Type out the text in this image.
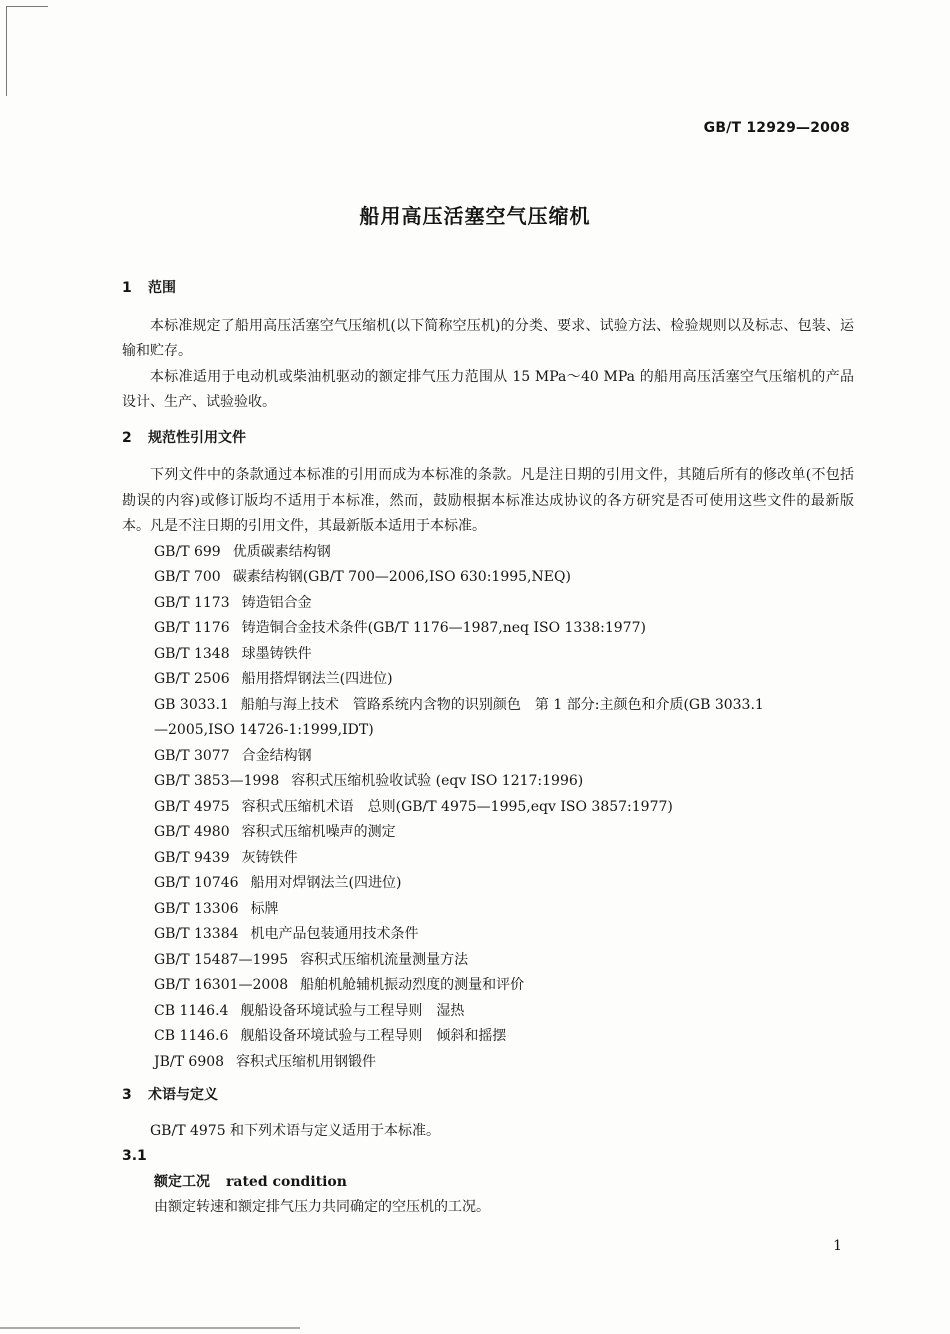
GB/T 12929—2008
船用高压活塞空气压缩机
1 范围

本标准规定了船用高压活塞空气压缩机(以下简称空压机)的分类、要求、试验方法、检验规则以及标志、包装、运输和贮存。

本标准适用于电动机或柴油机驱动的额定排气压力范围从 15 MPa～40 MPa 的船用高压活塞空气压缩机的产品设计、生产、试验验收。

2 规范性引用文件

下列文件中的条款通过本标准的引用而成为本标准的条款。凡是注日期的引用文件，其随后所有的修改单(不包括勘误的内容)或修订版均不适用于本标准，然而，鼓励根据本标准达成协议的各方研究是否可使用这些文件的最新版本。凡是不注日期的引用文件，其最新版本适用于本标准。

GB/T 699 优质碳素结构钢
GB/T 700 碳素结构钢(GB/T 700—2006,ISO 630:1995,NEQ)
GB/T 1173 铸造铝合金
GB/T 1176 铸造铜合金技术条件(GB/T 1176—1987,neq ISO 1338:1977)
GB/T 1348 球墨铸铁件
GB/T 2506 船用搭焊钢法兰(四进位)
GB 3033.1 船舶与海上技术　管路系统内含物的识别颜色　第 1 部分:主颜色和介质(GB 3033.1
—2005,ISO 14726-1:1999,IDT)
GB/T 3077 合金结构钢
GB/T 3853—1998 容积式压缩机验收试验 (eqv ISO 1217:1996)
GB/T 4975 容积式压缩机术语　总则(GB/T 4975—1995,eqv ISO 3857:1977)
GB/T 4980 容积式压缩机噪声的测定
GB/T 9439 灰铸铁件
GB/T 10746 船用对焊钢法兰(四进位)
GB/T 13306 标牌
GB/T 13384 机电产品包装通用技术条件
GB/T 15487—1995 容积式压缩机流量测量方法
GB/T 16301—2008 船舶机舱辅机振动烈度的测量和评价
CB 1146.4 舰船设备环境试验与工程导则　湿热
CB 1146.6 舰船设备环境试验与工程导则　倾斜和摇摆
JB/T 6908 容积式压缩机用钢锻件
3 术语与定义

GB/T 4975 和下列术语与定义适用于本标准。

3.1

额定工况 rated condition

由额定转速和额定排气压力共同确定的空压机的工况。

1
